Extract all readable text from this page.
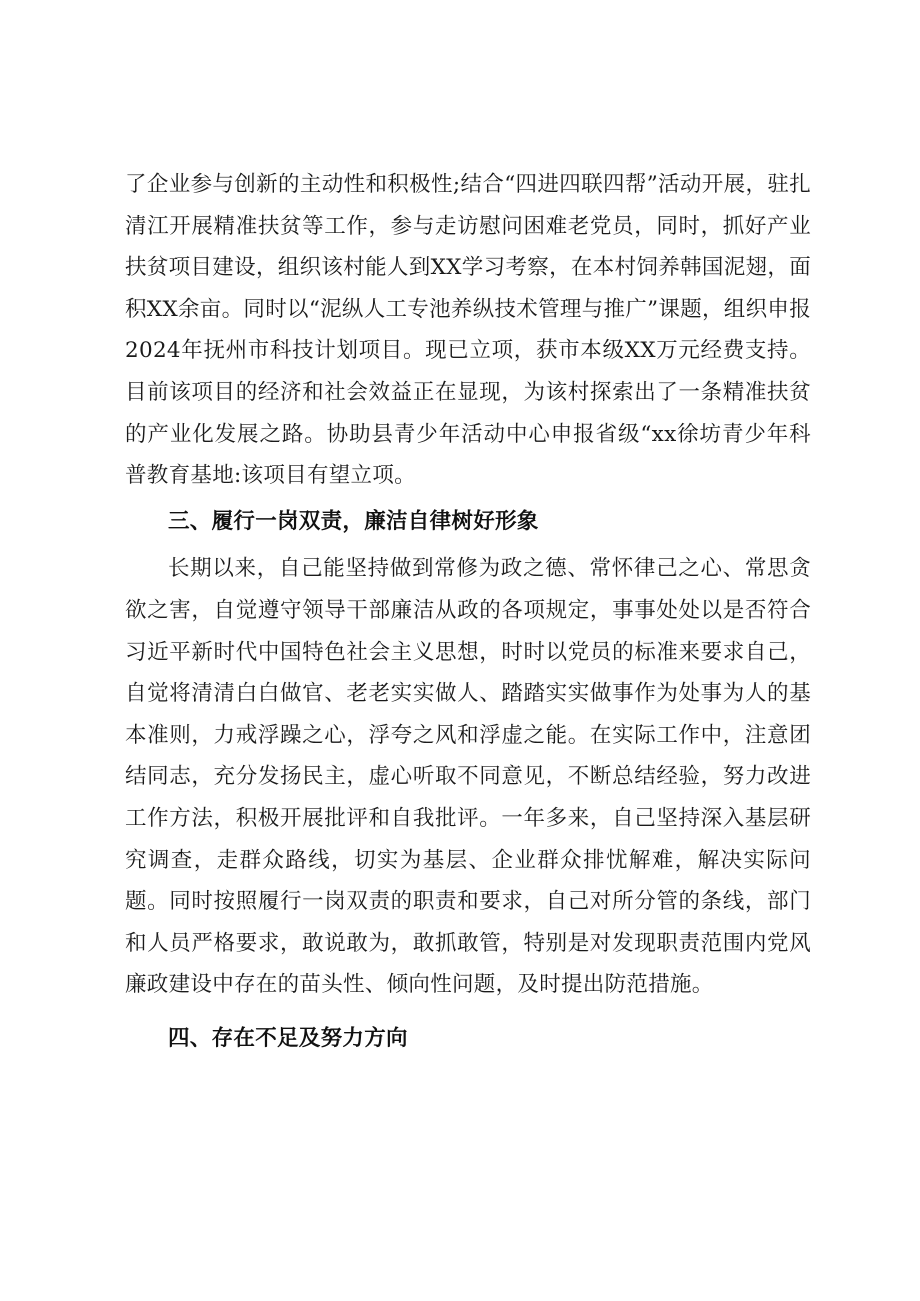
了企业参与创新的主动性和积极性;结合“四进四联四帮”活动开展，驻扎清江开展精准扶贫等工作，参与走访慰问困难老党员，同时，抓好产业扶贫项目建设，组织该村能人到XX学习考察，在本村饲养韩国泥翅，面积XX余亩。同时以“泥纵人工专池养纵技术管理与推广”课题，组织申报2024年抚州市科技计划项目。现已立项，获市本级XX万元经费支持。目前该项目的经济和社会效益正在显现，为该村探索出了一条精准扶贫的产业化发展之路。协助县青少年活动中心申报省级“xx徐坊青少年科普教育基地:该项目有望立项。

三、履行一岗双责，廉洁自律树好形象

长期以来，自己能坚持做到常修为政之德、常怀律己之心、常思贪欲之害，自觉遵守领导干部廉洁从政的各项规定，事事处处以是否符合习近平新时代中国特色社会主义思想，时时以党员的标准来要求自己，自觉将清清白白做官、老老实实做人、踏踏实实做事作为处事为人的基本准则，力戒浮躁之心，浮夸之风和浮虚之能。在实际工作中，注意团结同志，充分发扬民主，虚心听取不同意见，不断总结经验，努力改进工作方法，积极开展批评和自我批评。一年多来，自己坚持深入基层研究调查，走群众路线，切实为基层、企业群众排忧解难，解决实际问题。同时按照履行一岗双责的职责和要求，自己对所分管的条线，部门和人员严格要求，敢说敢为，敢抓敢管，特别是对发现职责范围内党风廉政建设中存在的苗头性、倾向性问题，及时提出防范措施。

四、存在不足及努力方向
